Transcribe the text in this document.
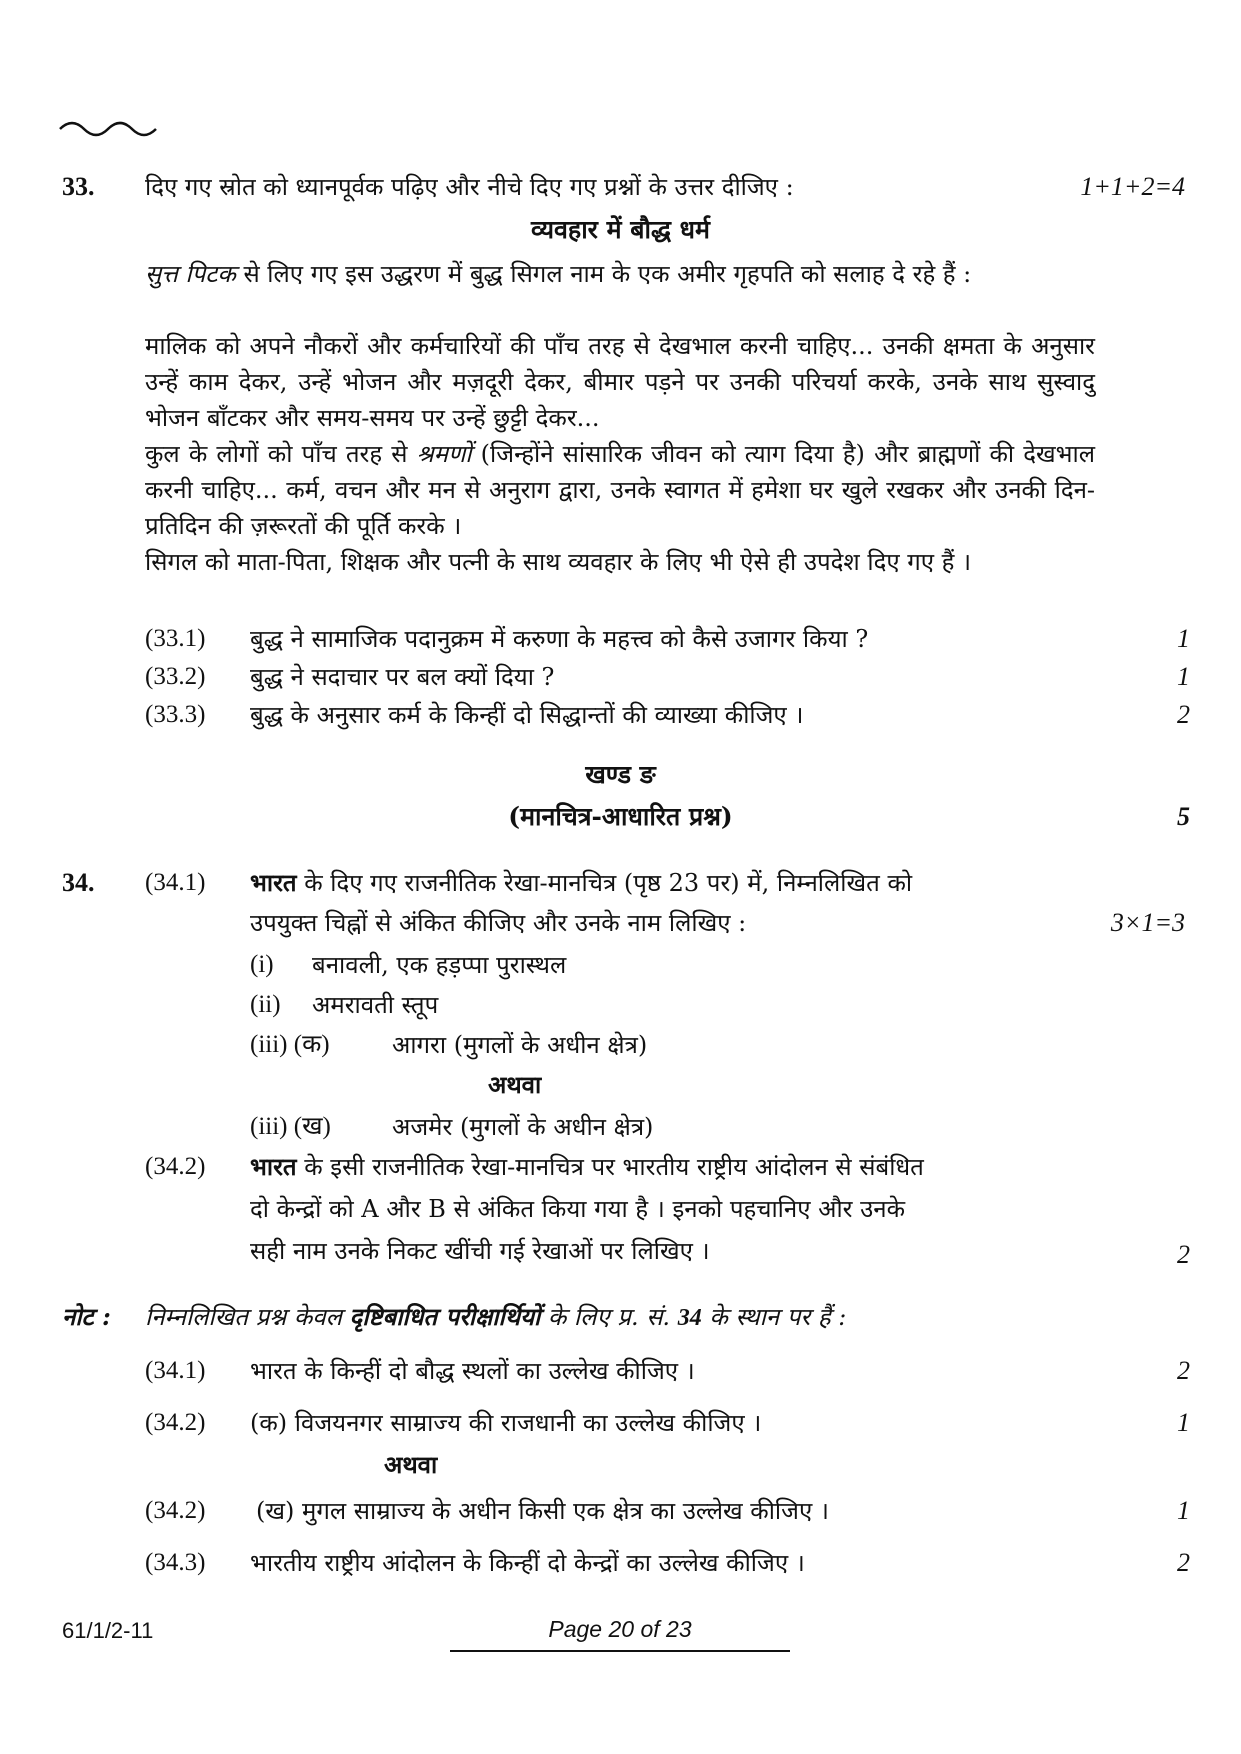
33. दिए गए स्रोत को ध्यानपूर्वक पढ़िए और नीचे दिए गए प्रश्नों के उत्तर दीजिए :	1+1+2=4
व्यवहार में बौद्ध धर्म
सुत्त पिटक से लिए गए इस उद्धरण में बुद्ध सिगल नाम के एक अमीर गृहपति को सलाह दे रहे हैं :
मालिक को अपने नौकरों और कर्मचारियों की पाँच तरह से देखभाल करनी चाहिए... उनकी क्षमता के अनुसार उन्हें काम देकर, उन्हें भोजन और मज़दूरी देकर, बीमार पड़ने पर उनकी परिचर्या करके, उनके साथ सुस्वादु भोजन बाँटकर और समय-समय पर उन्हें छुट्टी देकर...
कुल के लोगों को पाँच तरह से श्रमणों (जिन्होंने सांसारिक जीवन को त्याग दिया है) और ब्राह्मणों की देखभाल करनी चाहिए... कर्म, वचन और मन से अनुराग द्वारा, उनके स्वागत में हमेशा घर खुले रखकर और उनकी दिन-प्रतिदिन की ज़रूरतों की पूर्ति करके ।
सिगल को माता-पिता, शिक्षक और पत्नी के साथ व्यवहार के लिए भी ऐसे ही उपदेश दिए गए हैं ।
(33.1) बुद्ध ने सामाजिक पदानुक्रम में करुणा के महत्त्व को कैसे उजागर किया ?	1
(33.2) बुद्ध ने सदाचार पर बल क्यों दिया ?	1
(33.3) बुद्ध के अनुसार कर्म के किन्हीं दो सिद्धान्तों की व्याख्या कीजिए ।	2
खण्ड ङ
(मानचित्र-आधारित प्रश्न)	5
34. (34.1) भारत के दिए गए राजनीतिक रेखा-मानचित्र (पृष्ठ 23 पर) में, निम्नलिखित को
उपयुक्त चिह्नों से अंकित कीजिए और उनके नाम लिखिए :	3×1=3
(i) बनावली, एक हड़प्पा पुरास्थल
(ii) अमरावती स्तूप
(iii) (क)	आगरा (मुगलों के अधीन क्षेत्र)
अथवा
(iii) (ख)	अजमेर (मुगलों के अधीन क्षेत्र)
(34.2) भारत के इसी राजनीतिक रेखा-मानचित्र पर भारतीय राष्ट्रीय आंदोलन से संबंधित
दो केन्द्रों को A और B से अंकित किया गया है । इनको पहचानिए और उनके
सही नाम उनके निकट खींची गई रेखाओं पर लिखिए ।	2
नोट : निम्नलिखित प्रश्न केवल दृष्टिबाधित परीक्षार्थियों के लिए प्र. सं. 34 के स्थान पर हैं :
(34.1) भारत के किन्हीं दो बौद्ध स्थलों का उल्लेख कीजिए ।	2
(34.2) (क) विजयनगर साम्राज्य की राजधानी का उल्लेख कीजिए ।	1
अथवा
(34.2) (ख) मुगल साम्राज्य के अधीन किसी एक क्षेत्र का उल्लेख कीजिए ।	1
(34.3) भारतीय राष्ट्रीय आंदोलन के किन्हीं दो केन्द्रों का उल्लेख कीजिए ।	2
61/1/2-11	Page 20 of 23
